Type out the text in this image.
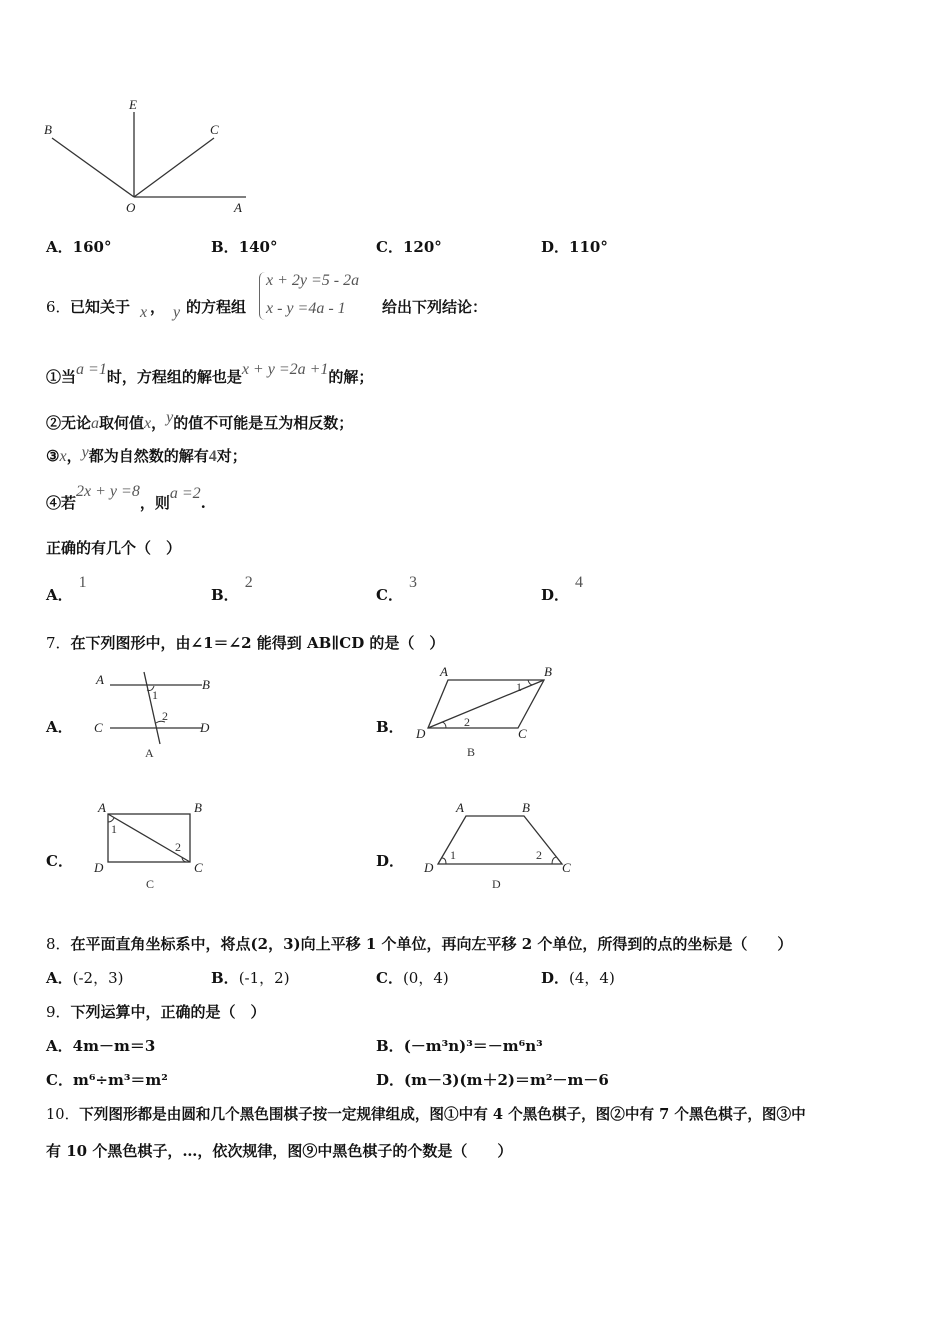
B
E
C
O	A
A．160°	B．140°	C．120°	D．110°
6． 已知关于 x ， y 的方程组
x + 2y =5 - 2a
x - y =4a - 1 给出下列结论：
①当a =1时，方程组的解也是x + y =2a +1的解；
②无论a取何值x，y的值不可能是互为相反数；
③x，y都为自然数的解有4对；
④若2x + y =8，则a =2.
正确的有几个（　）
A．1
B．2
C．3
D．4
7．在下列图形中，由∠1＝∠2 能得到 AB∥CD 的是（　）
A．
A	B
C	D
1
2
A
B．
A	B
D	C
1
2
B
C．
A	B
D	C
1
2
C
D．
A	B
D	C
1	2
D
8．在平面直角坐标系中，将点(2，3)向上平移 1 个单位，再向左平移 2 个单位，所得到的点的坐标是（　　）
A．(-2，3)	B．(-1，2)	C．(0，4)	D．(4，4)
9．下列运算中，正确的是（　）
A．4m－m＝3	B．(－m³n)³＝－m⁶n³
C．m⁶÷m³＝m²	D．(m－3)(m＋2)＝m²－m－6
10．下列图形都是由圆和几个黑色围棋子按一定规律组成，图①中有 4 个黑色棋子，图②中有 7 个黑色棋子，图③中
有 10 个黑色棋子，…，依次规律，图⑨中黑色棋子的个数是（　　）
